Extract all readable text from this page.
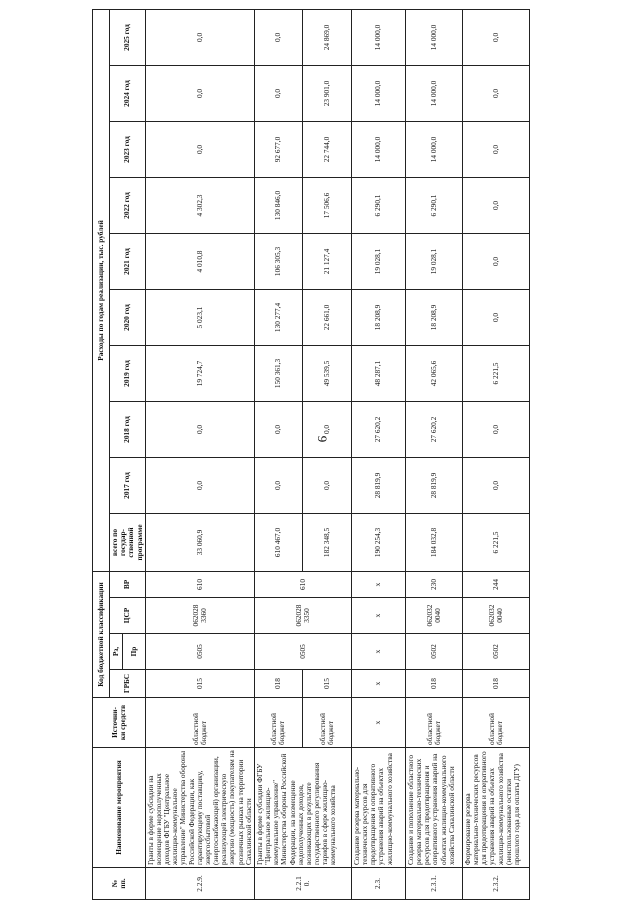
9
№
пп.	Наименование мероприятия	Источни-
ки средств	Код бюджетной классификации				Расходы по годам реализации, тыс. рублей									
			ГРБС	Рз,	ЦСР	ВР	всего по государ-ственной программе	2017 год	2018 год	2019 год	2020 год	2021 год	2022 год	2023 год	2024 год	2025 год
				Пр												
2.2.9.	Гранты в форме субсидии на возмещение недополученных доходов ФГБУ "Центральное жилищно-коммунальное управление" Министерства обороны Российской Федерации, как гарантирующему поставщику, энергосбытовой (энергоснабжающей) организации, реализующей электрическую энергию (мощность) покупателям на розничных рынках на территории Сахалинской области	областной бюджет	015	0505	062028 3360	610	33 060,9	0,0	0,0	19 724,7	5 023,1	4 010,8	4 302,3	0,0	0,0	0,0
2.2.1
0.	Гранты в форме субсидии ФГБУ "Центральное жилищно-коммунальное управление" Министерства обороны Российской Федерации, на возмещение недополученных доходов, возникающих в результате государственного регулирования тарифов в сфере жилищно-коммунального хозяйства	областной бюджет	018	0505	062028 3350	610	610 467,0	0,0	0,0	150 361,3	130 277,4	106 305,3	130 846,0	92 677,0	0,0	0,0
		областной бюджет	015				182 348,5	0,0	0,0	49 539,5	22 661,0	21 127,4	17 506,6	22 744,0	23 901,0	24 869,0
2.3.	Создание резерва материально-технических ресурсов для предотвращения и оперативного устранения аварий на объектах жилищно-коммунального хозяйства	x	x	x	x	x	190 254,3	28 819,9	27 620,2	48 287,1	18 208,9	19 028,1	6 290,1	14 000,0	14 000,0	14 000,0
2.3.1.	Создание и пополнение областного резерва материально-технических ресурсов для предотвращения и оперативного устранения аварий на объектах жилищно-коммунального хозяйства Сахалинской области	областной бюджет	018	0502	062032 0040	230	184 032,8	28 819,9	27 620,2	42 065,6	18 208,9	19 028,1	6 290,1	14 000,0	14 000,0	14 000,0
2.3.2.	Формирование резерва материально-технических ресурсов для предотвращения и оперативного устранения аварий на объектах жилищно-коммунального хозяйства (неиспользованные остатки прошлого года для оплаты ДГУ)	областной бюджет	018	0502	062032 0040	244	6 221,5	0,0	0,0	6 221,5	0,0	0,0	0,0	0,0	0,0	0,0
